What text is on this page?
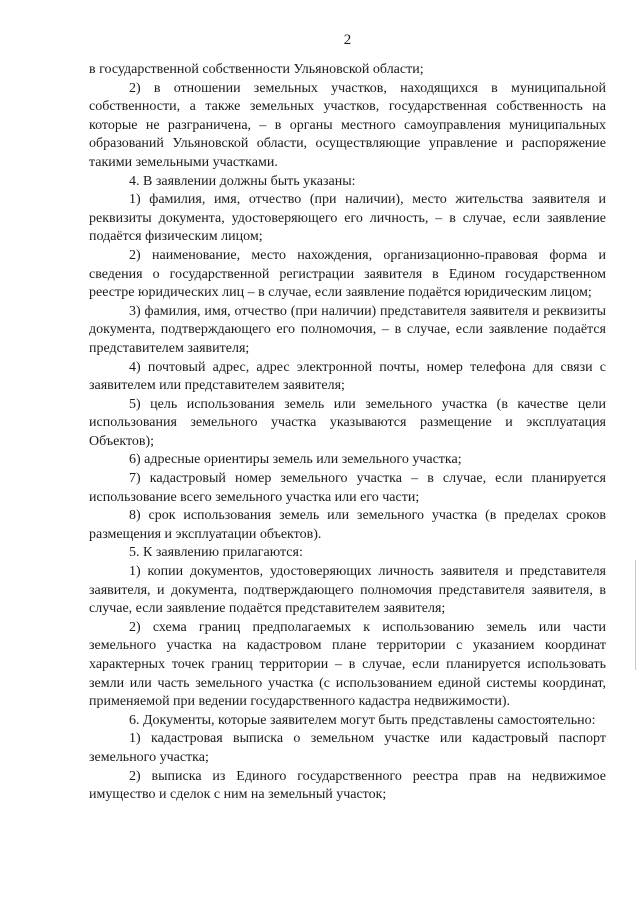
2

в государственной собственности Ульяновской области;

2) в отношении земельных участков, находящихся в муниципальной собственности, а также земельных участков, государственная собственность на которые не разграничена, – в органы местного самоуправления муниципальных образований Ульяновской области, осуществляющие управление и распоряжение такими земельными участками.

4. В заявлении должны быть указаны:

1) фамилия, имя, отчество (при наличии), место жительства заявителя и реквизиты документа, удостоверяющего его личность, – в случае, если заявление подаётся физическим лицом;

2) наименование, место нахождения, организационно-правовая форма и сведения о государственной регистрации заявителя в Едином государственном реестре юридических лиц – в случае, если заявление подаётся юридическим лицом;

3) фамилия, имя, отчество (при наличии) представителя заявителя и реквизиты документа, подтверждающего его полномочия, – в случае, если заявление подаётся представителем заявителя;

4) почтовый адрес, адрес электронной почты, номер телефона для связи с заявителем или представителем заявителя;

5) цель использования земель или земельного участка (в качестве цели использования земельного участка указываются размещение и эксплуатация Объектов);

6) адресные ориентиры земель или земельного участка;

7) кадастровый номер земельного участка – в случае, если планируется использование всего земельного участка или его части;

8) срок использования земель или земельного участка (в пределах сроков размещения и эксплуатации объектов).

5. К заявлению прилагаются:

1) копии документов, удостоверяющих личность заявителя и представителя заявителя, и документа, подтверждающего полномочия представителя заявителя, в случае, если заявление подаётся представителем заявителя;

2) схема границ предполагаемых к использованию земель или части земельного участка на кадастровом плане территории с указанием координат характерных точек границ территории – в случае, если планируется использовать земли или часть земельного участка (с использованием единой системы координат, применяемой при ведении государственного кадастра недвижимости).

6. Документы, которые заявителем могут быть представлены самостоятельно:

1) кадастровая выписка о земельном участке или кадастровый паспорт земельного участка;

2) выписка из Единого государственного реестра прав на недвижимое имущество и сделок с ним на земельный участок;
